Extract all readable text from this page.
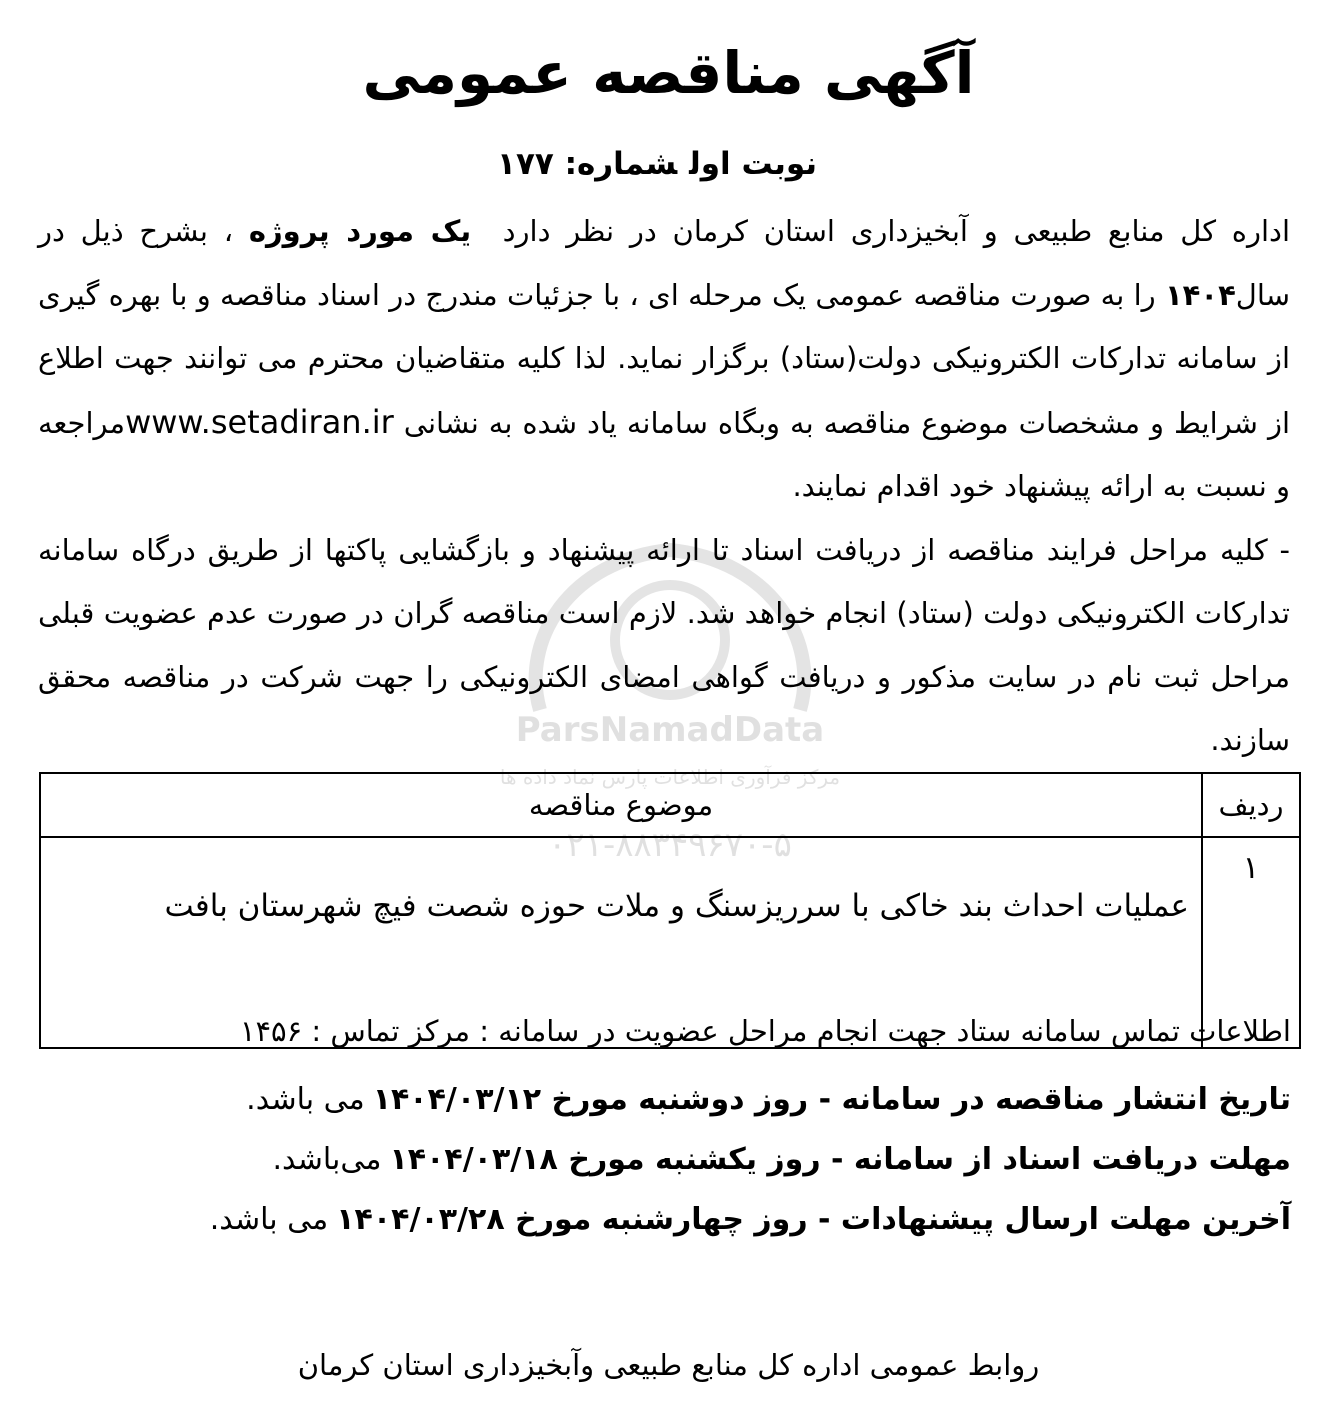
ParsNamadData
مرکز فرآوری اطلاعات پارس نماد داده ها
۰۲۱-۸۸۳۴۹۶۷۰-۵
آگهی مناقصه عمومی
نوبت اولشماره: ۱۷۷

اداره کل منابع طبیعی و آبخیزداری استان کرمان در نظر دارد  یک مورد پروژه ، بشرح ذیل در سال۱۴۰۴ را به صورت مناقصه عمومی یک مرحله ای ، با جزئیات مندرج در اسناد مناقصه و با بهره گیری از سامانه تدارکات الکترونیکی دولت(ستاد) برگزار نماید. لذا کلیه متقاضیان محترم می توانند جهت اطلاع از شرایط و مشخصات موضوع مناقصه به وبگاه سامانه یاد شده به نشانی www.setadiran.irمراجعه و نسبت به ارائه پیشنهاد خود اقدام نمایند.

- کلیه مراحل فرایند مناقصه از دریافت اسناد تا ارائه پیشنهاد و بازگشایی پاکتها از طریق درگاه سامانه تدارکات الکترونیکی دولت (ستاد) انجام خواهد شد. لازم است مناقصه گران در صورت عدم عضویت قبلی مراحل ثبت نام در سایت مذکور و دریافت گواهی امضای الکترونیکی را جهت شرکت در مناقصه محقق سازند.

ردیف	موضوع مناقصه
۱	عملیات احداث بند خاکی با سرریزسنگ و ملات حوزه شصت فیچ شهرستان بافت
اطلاعات تماس سامانه ستاد جهت انجام مراحل عضویت در سامانه : مرکز تماس : ۱۴۵۶
تاریخ انتشار مناقصه در سامانه - روز دوشنبه مورخ ۱۴۰۴/۰۳/۱۲می باشد.
مهلت دریافت اسناد از سامانه - روز یکشنبه مورخ ۱۴۰۴/۰۳/۱۸می‌باشد.
آخرین مهلت ارسال پیشنهادات - روز چهارشنبه مورخ ۱۴۰۴/۰۳/۲۸می باشد.
روابط عمومی اداره کل منابع طبیعی وآبخیزداری استان کرمان
